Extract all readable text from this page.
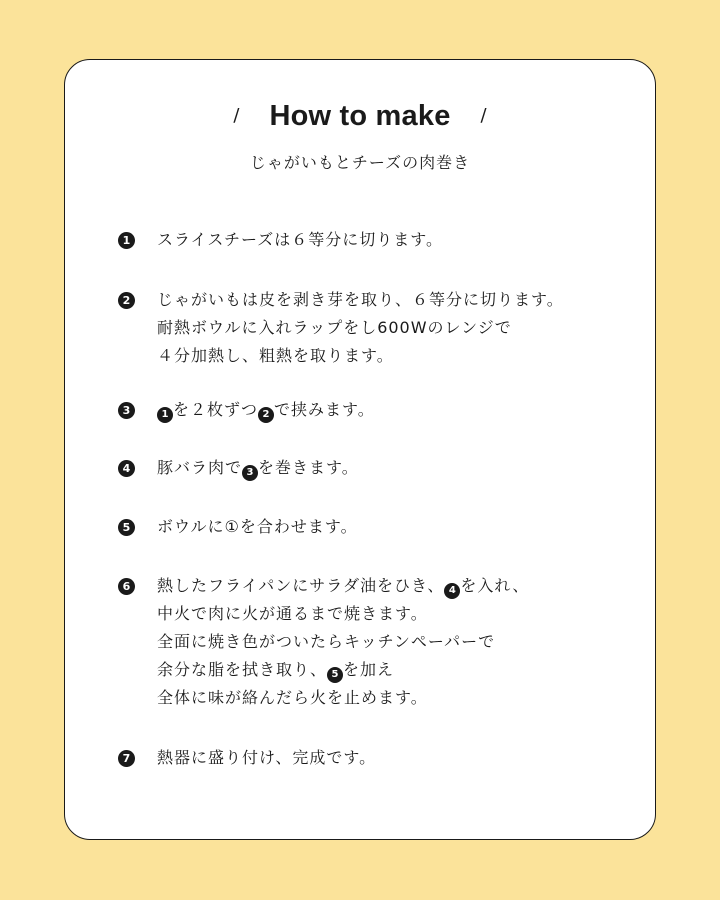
/ How to make /
じゃがいもとチーズの肉巻き
1 スライスチーズは６等分に切ります。
2 じゃがいもは皮を剥き芽を取り、６等分に切ります。
耐熱ボウルに入れラップをし600Wのレンジで
４分加熱し、粗熱を取ります。
3	1 を２枚ずつ 2 で挟みます。
4 豚バラ肉で 3 を巻きます。
5 ボウルに①を合わせます。
6 熱したフライパンにサラダ油をひき、 4 を入れ、
中火で肉に火が通るまで焼きます。
全面に焼き色がついたらキッチンペーパーで
余分な脂を拭き取り、 5 を加え
全体に味が絡んだら火を止めます。
7 熱器に盛り付け、完成です。
